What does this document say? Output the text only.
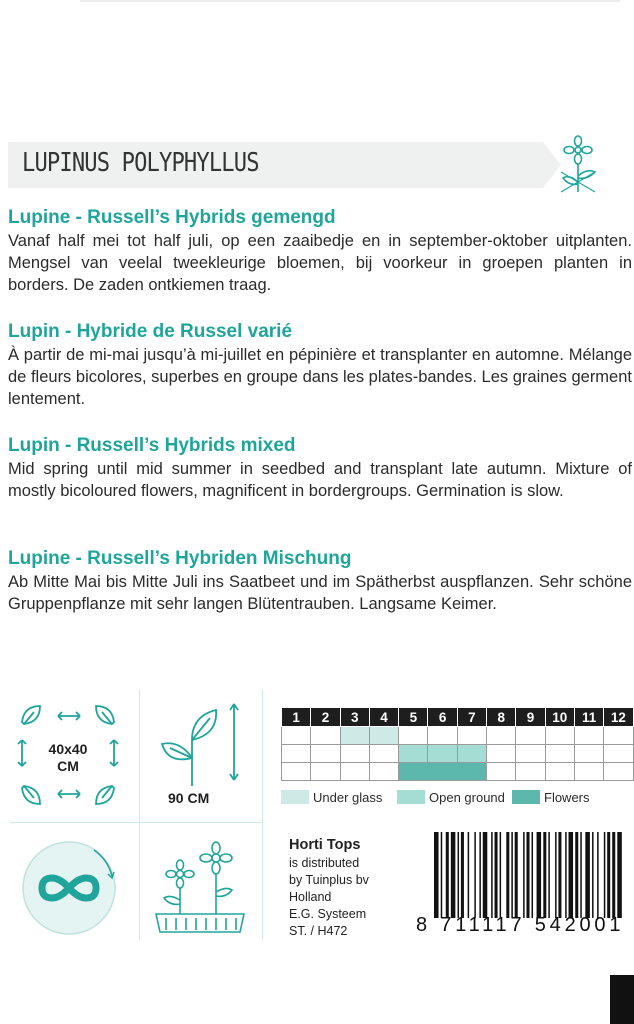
LUPINUS POLYPHYLLUS
Lupine - Russell’s Hybrids gemengd
Vanaf half mei tot half juli, op een zaaibedje en in september-oktober uitplanten. Mengsel van veelal tweekleurige bloemen, bij voorkeur in groepen planten in borders. De zaden ontkiemen traag.
Lupin - Hybride de Russel varié
À partir de mi-mai jusqu’à mi-juillet en pépinière et transplanter en automne. Mélange de fleurs bicolores, superbes en groupe dans les plates-bandes. Les graines germent lentement.
Lupin - Russell’s Hybrids mixed
Mid spring until mid summer in seedbed and transplant late autumn. Mixture of mostly bicoloured flowers, magnificent in bordergroups. Germination is slow.
Lupine - Russell’s Hybriden Mischung
Ab Mitte Mai bis Mitte Juli ins Saatbeet und im Spätherbst auspflanzen. Sehr schöne Gruppenpflanze mit sehr langen Blütentrauben. Langsame Keimer.
40x40 CM
90 CM
1	2	3	4	5	6	7	8	9	10	11	12

Under glass	Open ground	Flowers
Horti Tops
is distributed
by Tuinplus bv
Holland
E.G. Systeem
ST. / H472	8 711117 542001
